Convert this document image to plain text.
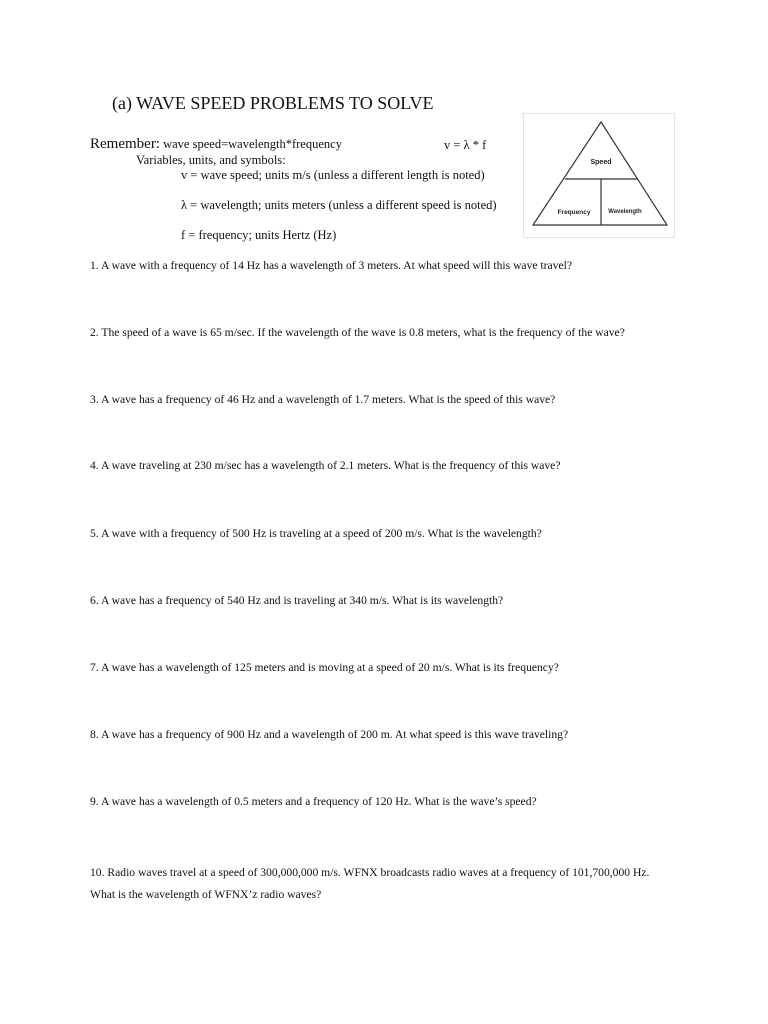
(a) WAVE SPEED PROBLEMS TO SOLVE
Remember: wave speed=wavelength*frequency	v = λ * f
Variables, units, and symbols:
v = wave speed; units m/s (unless a different length is noted)
λ = wavelength; units meters (unless a different speed is noted)
f = frequency; units Hertz (Hz)
Speed
Frequency	Wavelength
1. A wave with a frequency of 14 Hz has a wavelength of 3 meters. At what speed will this wave travel?
2. The speed of a wave is 65 m/sec. If the wavelength of the wave is 0.8 meters, what is the frequency of the wave?
3. A wave has a frequency of 46 Hz and a wavelength of 1.7 meters. What is the speed of this wave?
4. A wave traveling at 230 m/sec has a wavelength of 2.1 meters. What is the frequency of this wave?
5. A wave with a frequency of 500 Hz is traveling at a speed of 200 m/s. What is the wavelength?
6. A wave has a frequency of 540 Hz and is traveling at 340 m/s. What is its wavelength?
7. A wave has a wavelength of 125 meters and is moving at a speed of 20 m/s. What is its frequency?
8. A wave has a frequency of 900 Hz and a wavelength of 200 m. At what speed is this wave traveling?
9. A wave has a wavelength of 0.5 meters and a frequency of 120 Hz. What is the wave’s speed?
10. Radio waves travel at a speed of 300,000,000 m/s. WFNX broadcasts radio waves at a frequency of 101,700,000 Hz. What is the wavelength of WFNX’z radio waves?
